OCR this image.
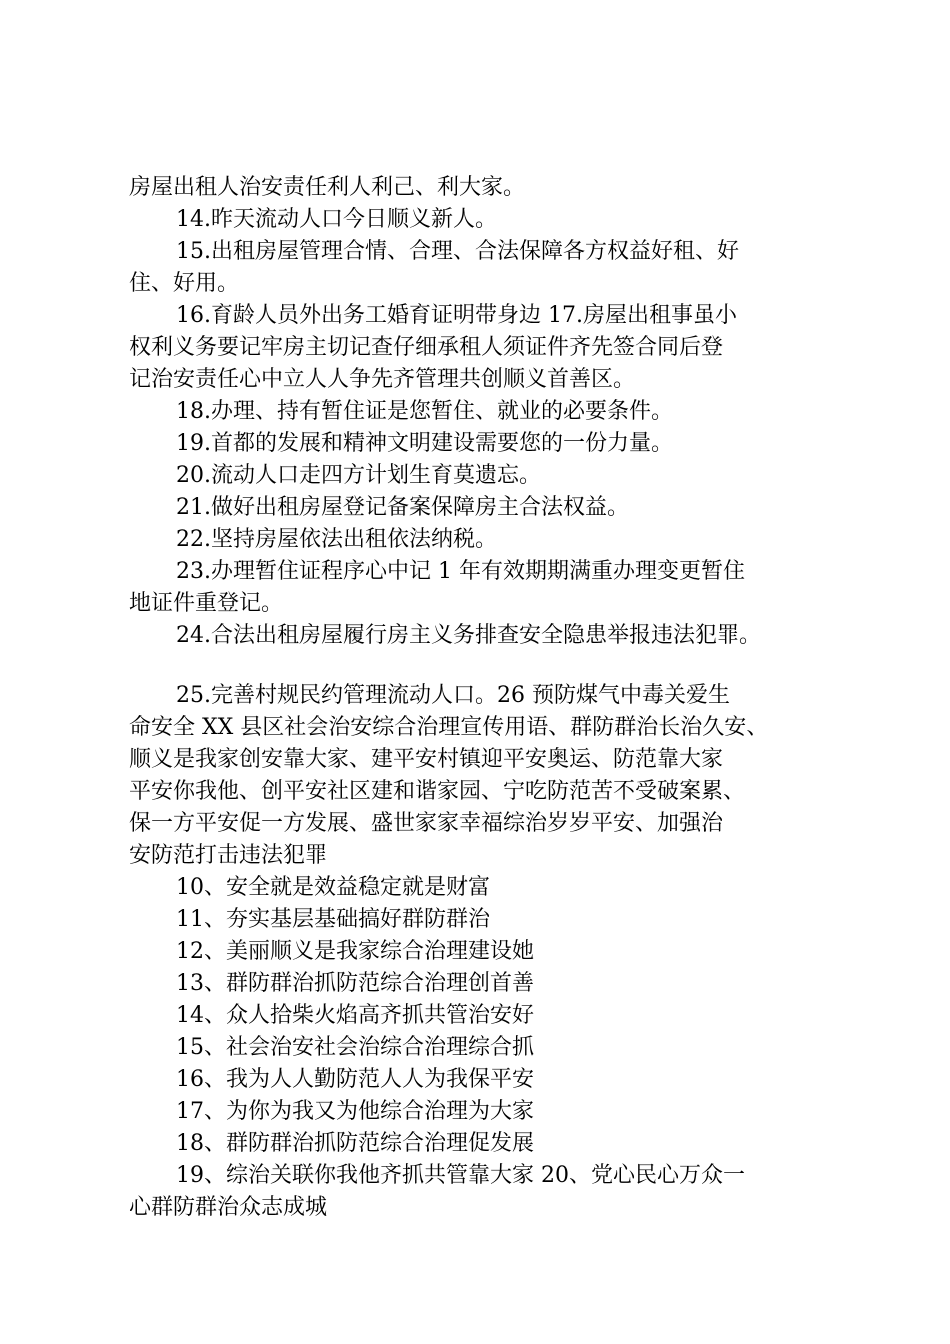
房屋出租人治安责任利人利己、利大家。
14.昨天流动人口今日顺义新人。
15.出租房屋管理合情、合理、合法保障各方权益好租、好
住、好用。
16.育龄人员外出务工婚育证明带身边 17.房屋出租事虽小
权利义务要记牢房主切记查仔细承租人须证件齐先签合同后登
记治安责任心中立人人争先齐管理共创顺义首善区。
18.办理、持有暂住证是您暂住、就业的必要条件。
19.首都的发展和精神文明建设需要您的一份力量。
20.流动人口走四方计划生育莫遗忘。
21.做好出租房屋登记备案保障房主合法权益。
22.坚持房屋依法出租依法纳税。
23.办理暂住证程序心中记 1 年有效期期满重办理变更暂住
地证件重登记。
24.合法出租房屋履行房主义务排查安全隐患举报违法犯罪。
25.完善村规民约管理流动人口。26 预防煤气中毒关爱生
命安全 XX 县区社会治安综合治理宣传用语、群防群治长治久安、
顺义是我家创安靠大家、建平安村镇迎平安奥运、防范靠大家
平安你我他、创平安社区建和谐家园、宁吃防范苦不受破案累、
保一方平安促一方发展、盛世家家幸福综治岁岁平安、加强治
安防范打击违法犯罪
10、安全就是效益稳定就是财富
11、夯实基层基础搞好群防群治
12、美丽顺义是我家综合治理建设她
13、群防群治抓防范综合治理创首善
14、众人拾柴火焰高齐抓共管治安好
15、社会治安社会治综合治理综合抓
16、我为人人勤防范人人为我保平安
17、为你为我又为他综合治理为大家
18、群防群治抓防范综合治理促发展
19、综治关联你我他齐抓共管靠大家 20、党心民心万众一
心群防群治众志成城
